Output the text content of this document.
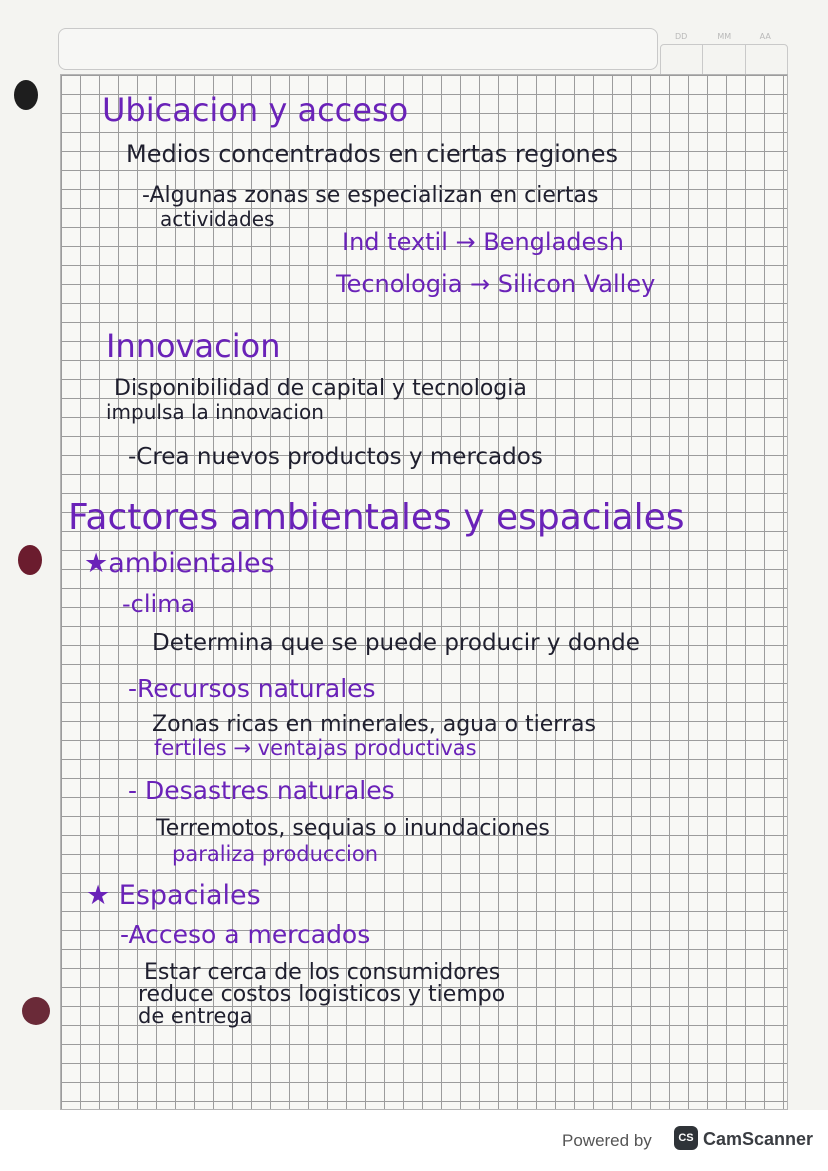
DD	MM	AA
Ubicacion y acceso
Medios concentrados en ciertas regiones
-Algunas zonas se especializan en ciertas
actividades
Ind textil → Bengladesh
Tecnologia → Silicon Valley
Innovacion
Disponibilidad de capital y tecnologia
impulsa la innovacion
-Crea nuevos productos y mercados
Factores ambientales y espaciales
★ambientales
-clima
Determina que se puede producir y donde
-Recursos naturales
Zonas ricas en minerales, agua o tierras
fertiles → ventajas productivas
- Desastres naturales
Terremotos, sequias o inundaciones
paraliza produccion
★ Espaciales
-Acceso a mercados
Estar cerca de los consumidores
reduce costos logisticos y tiempo
de entrega
Powered by	CS CamScanner
